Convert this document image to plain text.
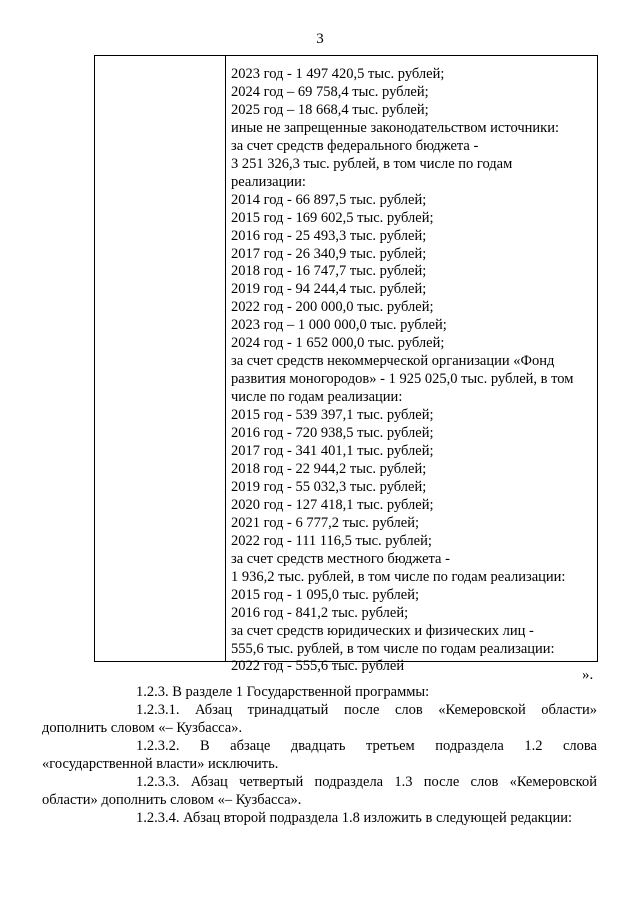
3
2023 год - 1 497 420,5 тыс. рублей;
2024 год – 69 758,4 тыс. рублей;
2025 год – 18 668,4 тыс. рублей;
иные не запрещенные законодательством источники:
за счет средств федерального бюджета -
3 251 326,3 тыс. рублей, в том числе по годам
реализации:
2014 год - 66 897,5 тыс. рублей;
2015 год - 169 602,5 тыс. рублей;
2016 год - 25 493,3 тыс. рублей;
2017 год - 26 340,9 тыс. рублей;
2018 год - 16 747,7 тыс. рублей;
2019 год - 94 244,4 тыс. рублей;
2022 год - 200 000,0 тыс. рублей;
2023 год – 1 000 000,0 тыс. рублей;
2024 год - 1 652 000,0 тыс. рублей;
за счет средств некоммерческой организации «Фонд
развития моногородов» - 1 925 025,0 тыс. рублей, в том
числе по годам реализации:
2015 год - 539 397,1 тыс. рублей;
2016 год - 720 938,5 тыс. рублей;
2017 год - 341 401,1 тыс. рублей;
2018 год - 22 944,2 тыс. рублей;
2019 год - 55 032,3 тыс. рублей;
2020 год - 127 418,1 тыс. рублей;
2021 год - 6 777,2 тыс. рублей;
2022 год - 111 116,5 тыс. рублей;
за счет средств местного бюджета -
1 936,2 тыс. рублей, в том числе по годам реализации:
2015 год - 1 095,0 тыс. рублей;
2016 год - 841,2 тыс. рублей;
за счет средств юридических и физических лиц -
555,6 тыс. рублей, в том числе по годам реализации:
2022 год - 555,6 тыс. рублей
».

1.2.3. В разделе 1 Государственной программы:

1.2.3.1. Абзац тринадцатый после слов «Кемеровской области»
дополнить словом «– Кузбасса».

1.2.3.2. В абзаце двадцать третьем подраздела 1.2 слова
«государственной власти» исключить.

1.2.3.3. Абзац четвертый подраздела 1.3 после слов «Кемеровской
области» дополнить словом «– Кузбасса».

1.2.3.4. Абзац второй подраздела 1.8 изложить в следующей редакции:
